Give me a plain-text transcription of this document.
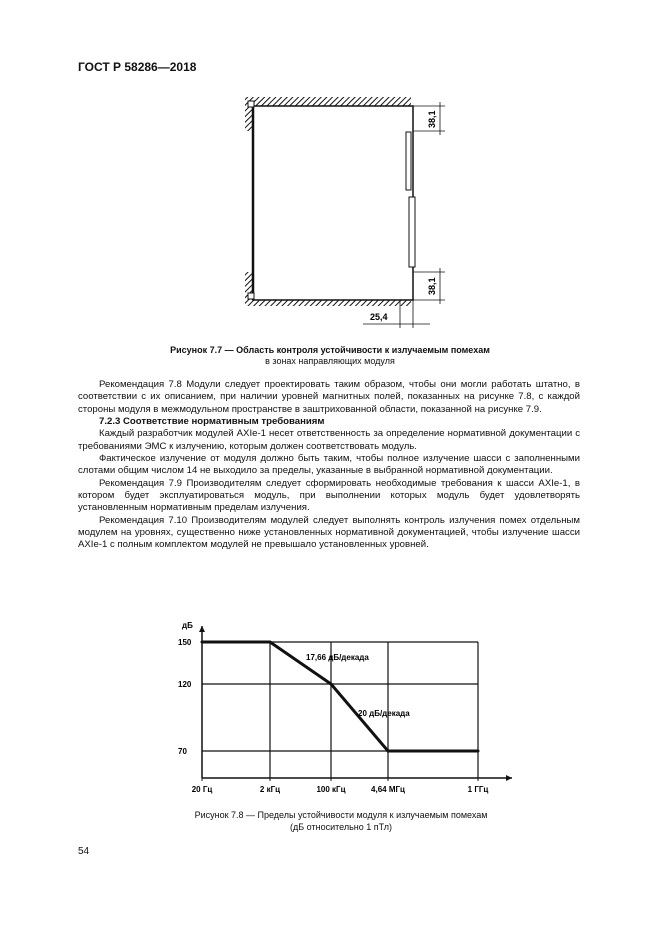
ГОСТ Р 58286—2018
38,1
38,1
25,4
Рисунок 7.7 — Область контроля устойчивости к излучаемым помехам
в зонах направляющих модуля

Рекомендация 7.8 Модули следует проектировать таким образом, чтобы они могли работать штатно, в соответствии с их описанием, при наличии уровней магнитных полей, показанных на рисунке 7.8, с каждой стороны модуля в межмодульном пространстве в заштрихованной области, показанной на рисунке 7.9.

7.2.3 Соответствие нормативным требованиям

Каждый разработчик модулей AXIe-1 несет ответственность за определение нормативной документации с требованиями ЭМС к излучению, которым должен соответствовать модуль.

Фактическое излучение от модуля должно быть таким, чтобы полное излучение шасси с заполненными слотами общим числом 14 не выходило за пределы, указанные в выбранной нормативной документации.

Рекомендация 7.9 Производителям следует сформировать необходимые требования к шасси AXIe-1, в котором будет эксплуатироваться модуль, при выполнении которых модуль будет удовлетворять установленным нормативным пределам излучения.

Рекомендация 7.10 Производителям модулей следует выполнять контроль излучения помех отдельным модулем на уровнях, существенно ниже установленных нормативной документацией, чтобы излучение шасси AXIe-1 с полным комплектом модулей не превышало установленных уровней.

дБ
70
120
150
20 Гц	2 кГц	100 кГц	4,64 МГц	1 ГГц
17,66 дБ/декада
20 дБ/декада
Рисунок 7.8 — Пределы устойчивости модуля к излучаемым помехам
(дБ относительно 1 пТл)
54
